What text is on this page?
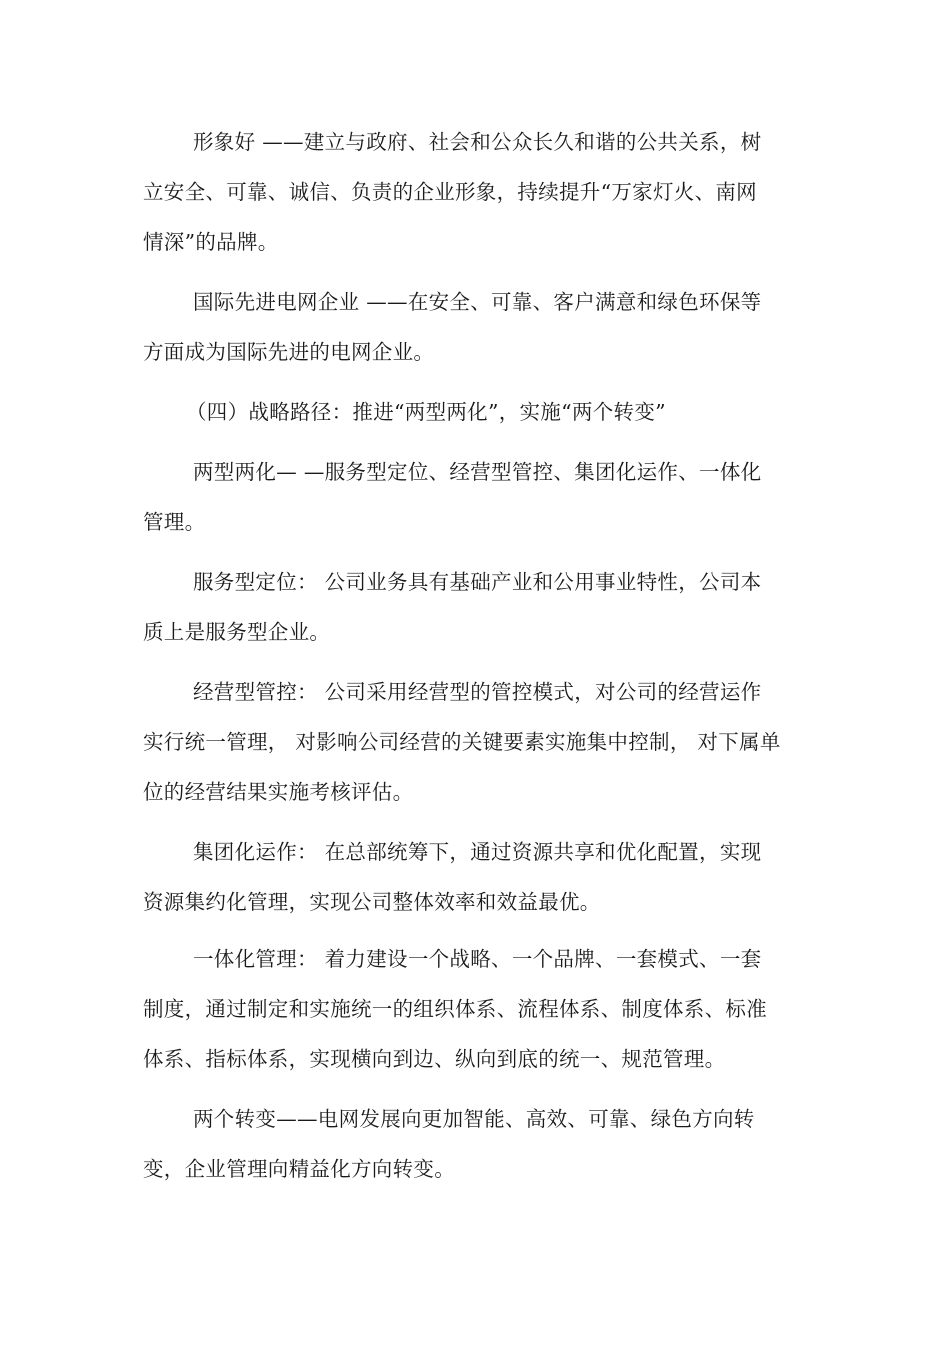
形象好 ——建立与政府、社会和公众长久和谐的公共关系，树
立安全、可靠、诚信、负责的企业形象，持续提升“万家灯火、南网
情深”的品牌。
国际先进电网企业 ——在安全、可靠、客户满意和绿色环保等
方面成为国际先进的电网企业。
（四）战略路径：推进“两型两化”，实施“两个转变”
两型两化— —服务型定位、经营型管控、集团化运作、一体化
管理。
服务型定位： 公司业务具有基础产业和公用事业特性，公司本
质上是服务型企业。
经营型管控： 公司采用经营型的管控模式，对公司的经营运作
实行统一管理， 对影响公司经营的关键要素实施集中控制， 对下属单
位的经营结果实施考核评估。
集团化运作： 在总部统筹下，通过资源共享和优化配置，实现
资源集约化管理，实现公司整体效率和效益最优。
一体化管理： 着力建设一个战略、一个品牌、一套模式、一套
制度，通过制定和实施统一的组织体系、流程体系、制度体系、标准
体系、指标体系，实现横向到边、纵向到底的统一、规范管理。
两个转变——电网发展向更加智能、高效、可靠、绿色方向转
变，企业管理向精益化方向转变。
